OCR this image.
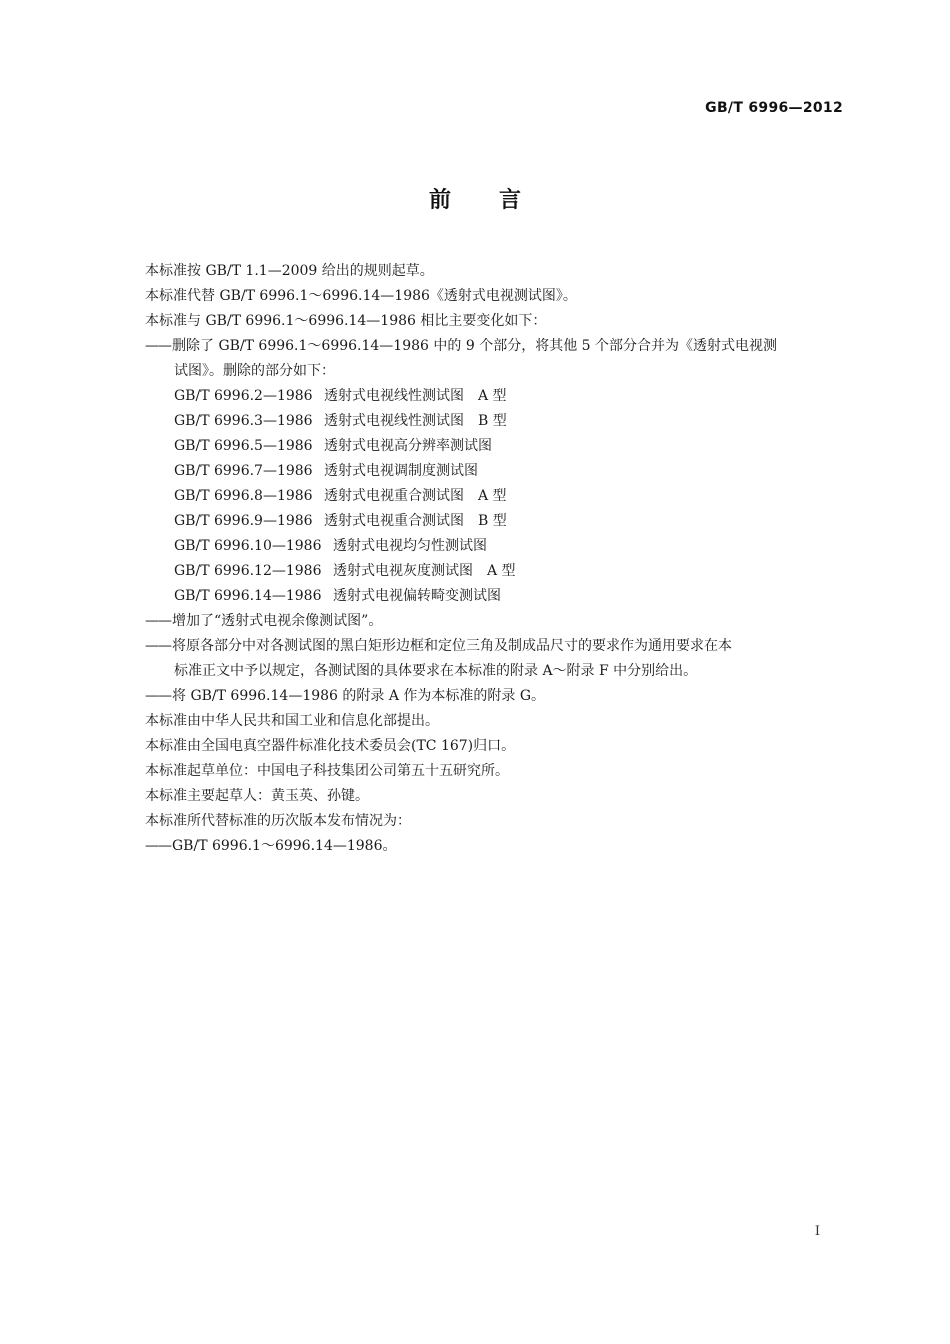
GB/T 6996—2012
前言
本标准按 GB/T 1.1—2009 给出的规则起草。
本标准代替 GB/T 6996.1～6996.14—1986《透射式电视测试图》。
本标准与 GB/T 6996.1～6996.14—1986 相比主要变化如下：
——删除了 GB/T 6996.1～6996.14—1986 中的 9 个部分，将其他 5 个部分合并为《透射式电视测
试图》。删除的部分如下：
GB/T 6996.2—1986 透射式电视线性测试图 A 型
GB/T 6996.3—1986 透射式电视线性测试图 B 型
GB/T 6996.5—1986 透射式电视高分辨率测试图
GB/T 6996.7—1986 透射式电视调制度测试图
GB/T 6996.8—1986 透射式电视重合测试图 A 型
GB/T 6996.9—1986 透射式电视重合测试图 B 型
GB/T 6996.10—1986 透射式电视均匀性测试图
GB/T 6996.12—1986 透射式电视灰度测试图 A 型
GB/T 6996.14—1986 透射式电视偏转畸变测试图
——增加了“透射式电视余像测试图”。
——将原各部分中对各测试图的黑白矩形边框和定位三角及制成品尺寸的要求作为通用要求在本
标准正文中予以规定，各测试图的具体要求在本标准的附录 A～附录 F 中分别给出。
——将 GB/T 6996.14—1986 的附录 A 作为本标准的附录 G。
本标准由中华人民共和国工业和信息化部提出。
本标准由全国电真空器件标准化技术委员会(TC 167)归口。
本标准起草单位：中国电子科技集团公司第五十五研究所。
本标准主要起草人：黄玉英、孙键。
本标准所代替标准的历次版本发布情况为：
——GB/T 6996.1～6996.14—1986。
I
